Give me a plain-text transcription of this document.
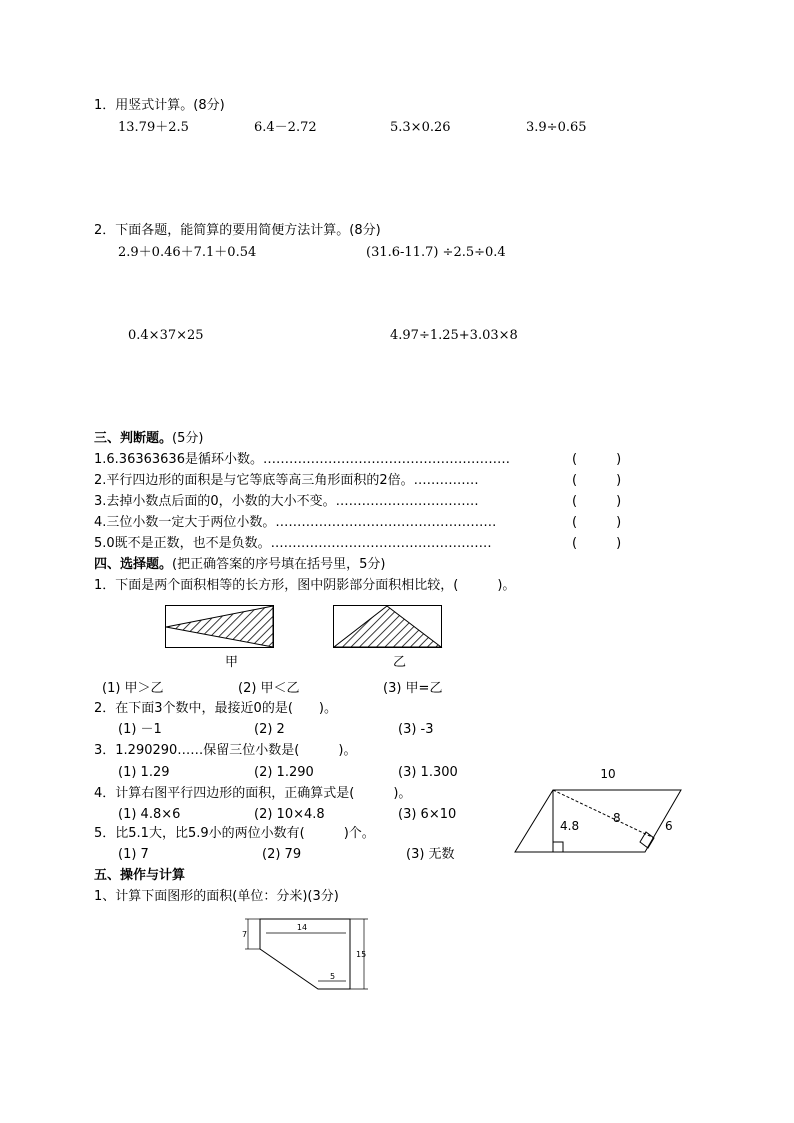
1．用竖式计算。(8分)
13.79＋2.5	6.4－2.72	5.3×0.26	3.9÷0.65
2．下面各题，能简算的要用简便方法计算。(8分)
2.9＋0.46＋7.1＋0.54	(31.6-11.7) ÷2.5÷0.4
0.4×37×25	4.97÷1.25+3.03×8
三、判断题。(5分)
1.6.36363636是循环小数。…………………………………………………	(　　　)
2.平行四边形的面积是与它等底等高三角形面积的2倍。……………	(　　　)
3.去掉小数点后面的0，小数的大小不变。……………………………	(　　　)
4.三位小数一定大于两位小数。……………………………………………	(　　　)
5.0既不是正数，也不是负数。……………………………………………	(　　　)
四、选择题。(把正确答案的序号填在括号里，5分)
1．下面是两个面积相等的长方形，图中阴影部分面积相比较，(　　　)。
甲	乙
(1) 甲＞乙	(2) 甲＜乙	(3) 甲=乙
2．在下面3个数中，最接近0的是(　　)。
(1) －1	(2) 2	(3) -3
3．1.290290……保留三位小数是(　　　)。
(1) 1.29	(2) 1.290	(3) 1.300
4．计算右图平行四边形的面积，正确算式是(　　　)。
(1) 4.8×6	(2) 10×4.8	(3) 6×10
5．比5.1大，比5.9小的两位小数有(　　　)个。
(1) 7	(2) 79	(3) 无数
10
4.8
8
6
五、操作与计算
1、计算下面图形的面积(单位：分米)(3分)
7
14
5
15
